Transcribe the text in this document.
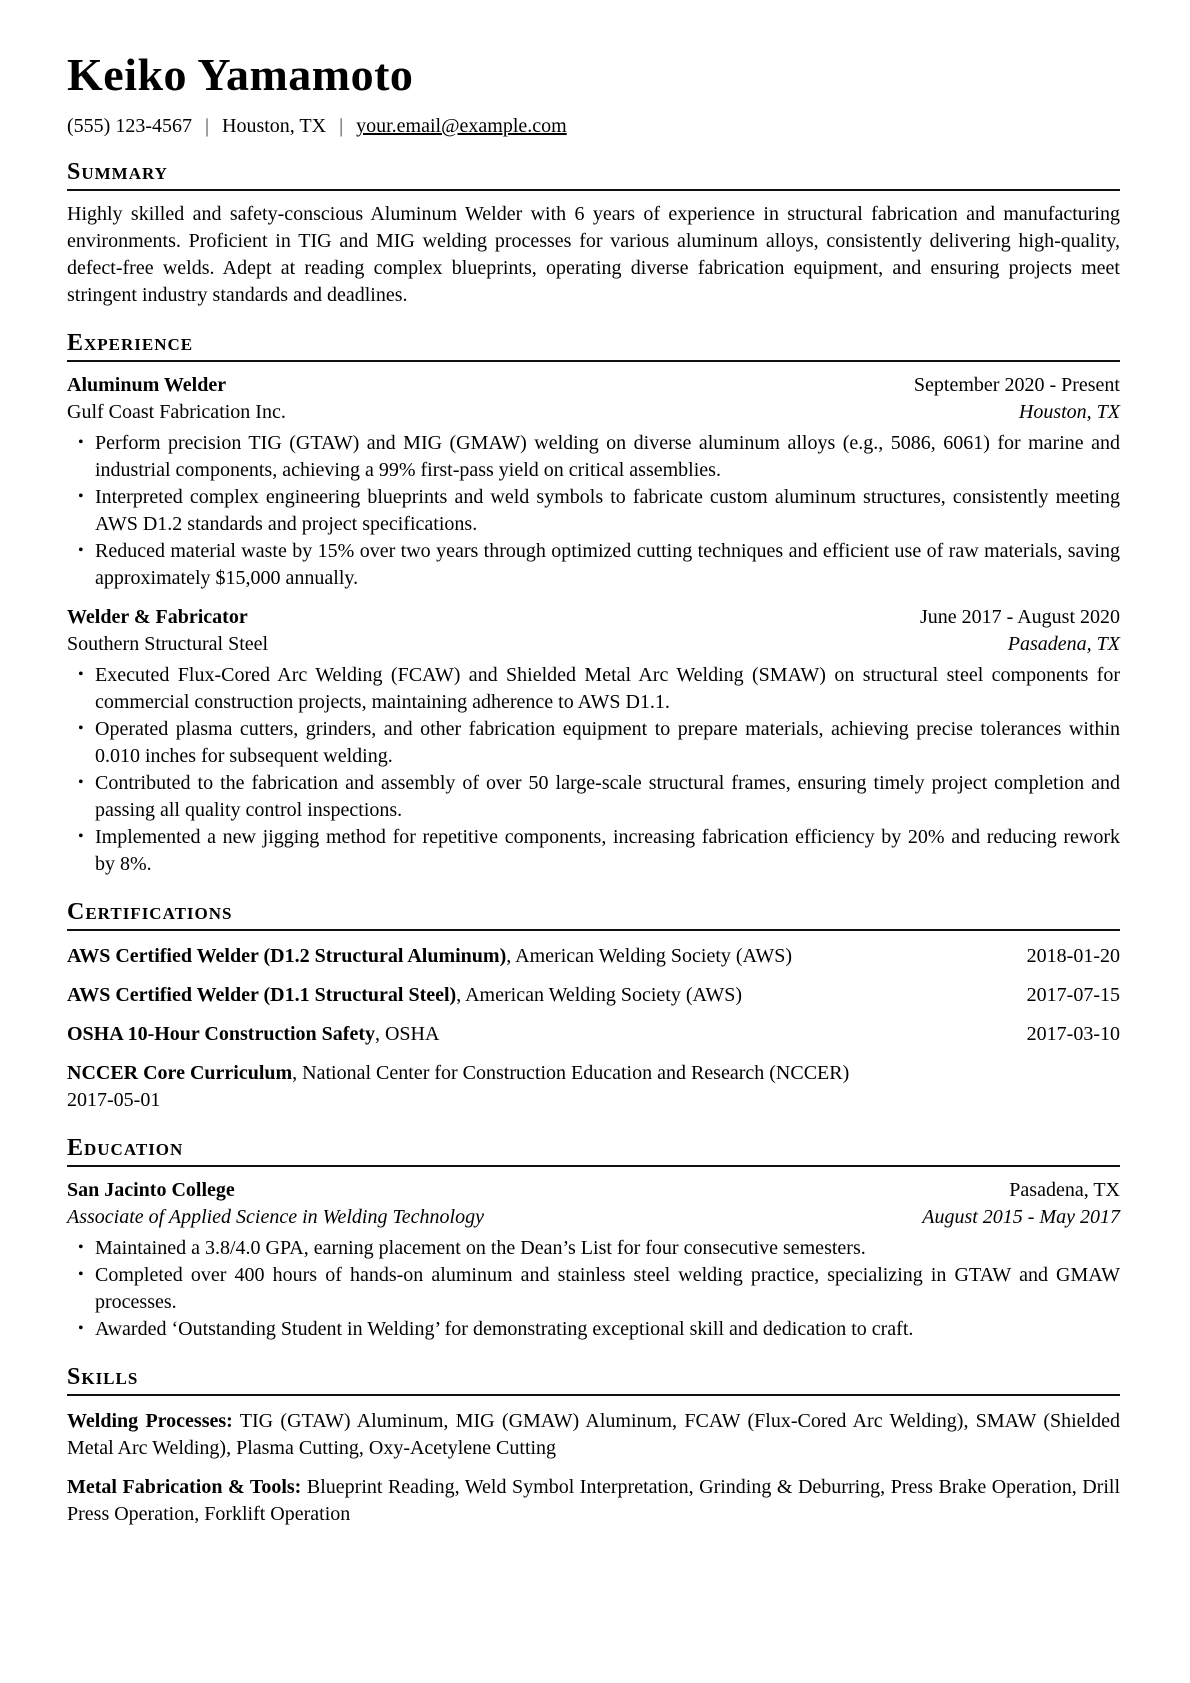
Keiko Yamamoto
(555) 123-4567 | Houston, TX | your.email@example.com
Summary
Highly skilled and safety-conscious Aluminum Welder with 6 years of experience in structural fabrication and manufacturing environments. Proficient in TIG and MIG welding processes for various aluminum alloys, consistently delivering high-quality, defect-free welds. Adept at reading complex blueprints, operating diverse fabrication equipment, and ensuring projects meet stringent industry standards and deadlines.
Experience
Aluminum Welder	September 2020 - Present
Gulf Coast Fabrication Inc.	Houston, TX
• Perform precision TIG (GTAW) and MIG (GMAW) welding on diverse aluminum alloys (e.g., 5086, 6061) for marine and industrial components, achieving a 99% first-pass yield on critical assemblies.
• Interpreted complex engineering blueprints and weld symbols to fabricate custom aluminum structures, consistently meeting AWS D1.2 standards and project specifications.
• Reduced material waste by 15% over two years through optimized cutting techniques and efficient use of raw materials, saving approximately $15,000 annually.
Welder & Fabricator	June 2017 - August 2020
Southern Structural Steel	Pasadena, TX
• Executed Flux-Cored Arc Welding (FCAW) and Shielded Metal Arc Welding (SMAW) on structural steel components for commercial construction projects, maintaining adherence to AWS D1.1.
• Operated plasma cutters, grinders, and other fabrication equipment to prepare materials, achieving precise tolerances within 0.010 inches for subsequent welding.
• Contributed to the fabrication and assembly of over 50 large-scale structural frames, ensuring timely project completion and passing all quality control inspections.
• Implemented a new jigging method for repetitive components, increasing fabrication efficiency by 20% and reducing rework by 8%.
Certifications
AWS Certified Welder (D1.2 Structural Aluminum), American Welding Society (AWS)	2018-01-20
AWS Certified Welder (D1.1 Structural Steel), American Welding Society (AWS)	2017-07-15
OSHA 10-Hour Construction Safety, OSHA	2017-03-10
NCCER Core Curriculum, National Center for Construction Education and Research (NCCER)
2017-05-01
Education
San Jacinto College	Pasadena, TX
Associate of Applied Science in Welding Technology	August 2015 - May 2017
• Maintained a 3.8/4.0 GPA, earning placement on the Dean’s List for four consecutive semesters.
• Completed over 400 hours of hands-on aluminum and stainless steel welding practice, specializing in GTAW and GMAW processes.
• Awarded ‘Outstanding Student in Welding’ for demonstrating exceptional skill and dedication to craft.
Skills
Welding Processes: TIG (GTAW) Aluminum, MIG (GMAW) Aluminum, FCAW (Flux-Cored Arc Welding), SMAW (Shielded Metal Arc Welding), Plasma Cutting, Oxy-Acetylene Cutting
Metal Fabrication & Tools: Blueprint Reading, Weld Symbol Interpretation, Grinding & Deburring, Press Brake Operation, Drill Press Operation, Forklift Operation
